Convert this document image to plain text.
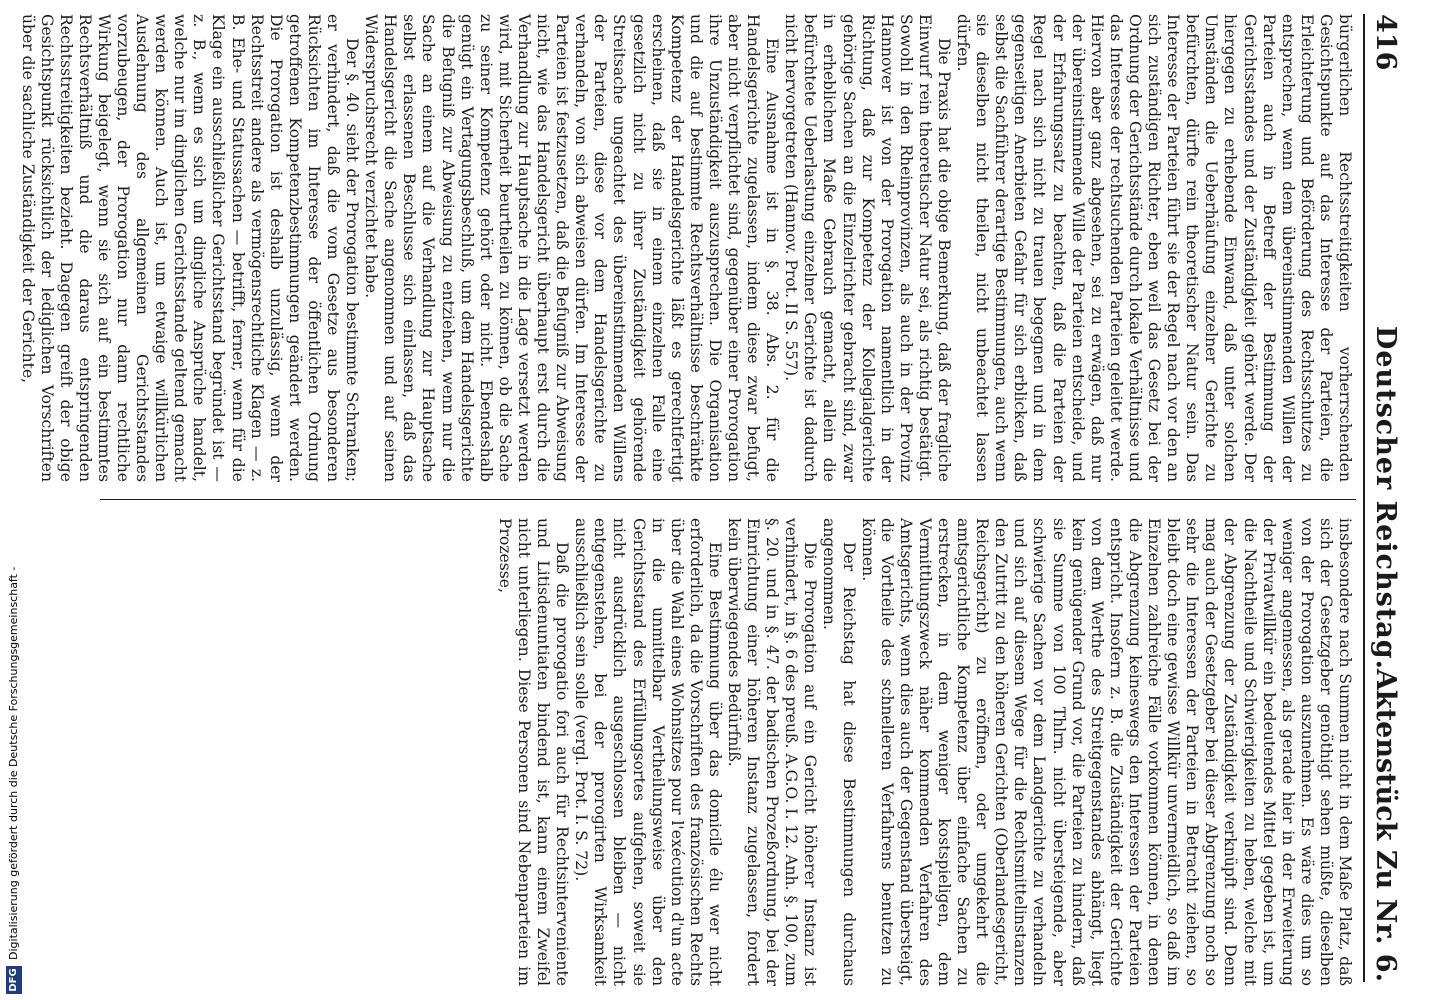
DFG
Digitalisierung gefördert durch die Deutsche Forschungsgemeinschaft -
416
Deutscher Reichstag.
Aktenstück Zu Nr. 6.

bürgerlichen Rechtsstreitigkeiten vorherrschenden Gesichtspunkte auf das Interesse der Parteien, die Erleichterung und Beförderung des Rechtsschutzes zu entsprechen, wenn dem übereinstimmenden Willen der Parteien auch in Betreff der Bestimmung der Gerichtsstandes und der Zuständigkeit gehört werde. Der hiergegen zu erhebende Einwand, daß unter solchen Umständen die Ueberhäufung einzelner Gerichte zu befürchten, dürfte rein theoretischer Natur sein. Das Interesse der Parteien führt sie der Regel nach vor den an sich zuständigen Richter, eben weil das Gesetz bei der Ordnung der Gerichtsstände durch lokale Verhältnisse und das Interesse der rechtsuchenden Parteien geleitet werde. Hiervon aber ganz abgesehen, sei zu erwägen, daß nur der übereinstimmende Wille der Parteien entscheide, und der Erfahrungssatz zu beachten, daß die Parteien der Regel nach sich nicht zu trauen begegnen und in dem gegenseitigen Anerbieten Gefahr für sich erblicken, daß selbst die Sachführer derartige Bestimmungen, auch wenn sie dieselben nicht theilen, nicht unbeachtet lassen dürfen.

Die Praxis hat die obige Bemerkung, daß der fragliche Einwurf rein theoretischer Natur sei, als richtig bestätigt. Sowohl in den Rheinprovinzen, als auch in der Provinz Hannover ist von der Prorogation namentlich in der Richtung, daß zur Kompetenz der Kollegialgerichte gehörige Sachen an die Einzelrichter gebracht sind, zwar in erheblichem Maße Gebrauch gemacht, allein die befürchtete Ueberlastung einzelner Gerichte ist dadurch nicht hervorgetreten (Hannov. Prot. II S. 557).

Eine Ausnahme ist in §. 38. Abs. 2. für die Handelsgerichte zugelassen, indem diese zwar befugt, aber nicht verpflichtet sind, gegenüber einer Prorogation ihre Unzuständigkeit auszusprechen. Die Organisation und die auf bestimmte Rechtsverhältnisse beschränkte Kompetenz der Handelsgerichte läßt es gerechtfertigt erscheinen, daß sie in einem einzelnen Falle eine gesetzlich nicht zu ihrer Zuständigkeit gehörende Streitsache ungeachtet des übereinstimmenden Willens der Parteien, diese vor dem Handelsgerichte zu verhandeln, von sich abweisen dürfen. Im Interesse der Parteien ist festzusetzen, daß die Befugniß zur Abweisung nicht, wie das Handelsgericht überhaupt erst durch die Verhandlung zur Hauptsache in die Lage versetzt werden wird, mit Sicherheit beurtheilen zu können, ob die Sache zu seiner Kompetenz gehört oder nicht. Ebendeshalb genügt ein Vertagungsbeschluß, um dem Handelsgerichte die Befugniß zur Abweisung zu entziehen, wenn nur die Sache an einem auf die Verhandlung zur Hauptsache selbst erlassenen Beschlusse sich einlassen, daß das Handelsgericht die Sache angenommen und auf seinen Widerspruchsrecht verzichtet habe.

Der §. 40. sieht der Prorogation bestimmte Schranken; er verhindert, daß die vom Gesetze aus besonderen Rücksichten im Interesse der öffentlichen Ordnung getroffenen Kompetenzbestimmungen geändert werden. Die Prorogation ist deshalb unzulässig, wenn der Rechtsstreit andere als vermögensrechtliche Klagen — z. B. Ehe- und Statussachen — betrifft, ferner, wenn für die Klage ein ausschließlicher Gerichtsstand begründet ist — z. B., wenn es sich um dingliche Ansprüche handelt, welche nur im dinglichen Gerichtsstande geltend gemacht werden können. Auch ist, um etwaige willkürlichen Ausdehnung des allgemeinen Gerichtsstandes vorzubeugen, der Prorogation nur dann rechtliche Wirkung beigelegt, wenn sie sich auf ein bestimmtes Rechtsverhältniß und die daraus entspringenden Rechtsstreitigkeiten bezieht. Dagegen greift der obige Gesichtspunkt rücksichtlich der lediglichen Vorschriften über die sachliche Zuständigkeit der Gerichte,

insbesondere nach Summen nicht in dem Maße Platz, daß sich der Gesetzgeber genöthigt sehen müßte, dieselben von der Prorogation auszunehmen. Es wäre dies um so weniger angemessen, als gerade hier in der Erweiterung der Privatwillkür ein bedeutendes Mittel gegeben ist, um die Nachtheile und Schwierigkeiten zu heben, welche mit der Abgrenzung der Zuständigkeit verknüpft sind. Denn mag auch der Gesetzgeber bei dieser Abgrenzung noch so sehr die Interessen der Parteien in Betracht ziehen, so bleibt doch eine gewisse Willkür unvermeidlich, so daß im Einzelnen zahlreiche Fälle vorkommen können, in denen die Abgrenzung keineswegs den Interessen der Parteien entspricht. Insofern z. B. die Zuständigkeit der Gerichte von dem Werthe des Streitgegenstandes abhängt, liegt kein genügender Grund vor, die Parteien zu hindern, daß sie Summe von 100 Thlrn. nicht übersteigende, aber schwierige Sachen vor dem Landgerichte zu verhandeln und sich auf diesem Wege für die Rechtsmittelinstanzen den Zutritt zu den höheren Gerichten (Oberlandesgericht, Reichsgericht) zu eröffnen, oder umgekehrt die amtsgerichtliche Kompetenz über einfache Sachen zu erstrecken, in dem weniger kostspieligen, dem Vermittlungszweck näher kommenden Verfahren des Amtsgerichts, wenn dies auch der Gegenstand übersteigt, die Vortheile des schnelleren Verfahrens benutzen zu können.

Der Reichstag hat diese Bestimmungen durchaus angenommen.

Die Prorogation auf ein Gericht höherer Instanz ist verhindert, in §. 6 des preuß. A.G.O. I. 12. Anh. §. 100, zum §. 20. und in §. 47. der badischen Prozeßordnung, bei der Einrichtung einer höheren Instanz zugelassen, fordert kein überwiegendes Bedürfniß.

Eine Bestimmung über das domicile élu wer nicht erforderlich, da die Vorschriften des französischen Rechts über die Wahl eines Wohnsitzes pour l'exécution d'un acte in die unmittelbar Vertheilungsweise über den Gerichtsstand des Erfüllungsortes aufgehen, soweit sie nicht ausdrücklich ausgeschlossen bleiben — nicht entgegenstehen, bei der prorogirten Wirksamkeit ausschließlich sein solle (vergl. Prot. I. S. 72).

Daß die prorogatio fori auch für Rechtsinterveniente und Litisdenuntiaten bindend ist, kann einem Zweifel nicht unterliegen. Diese Personen sind Nebenparteien im Prozesse,
